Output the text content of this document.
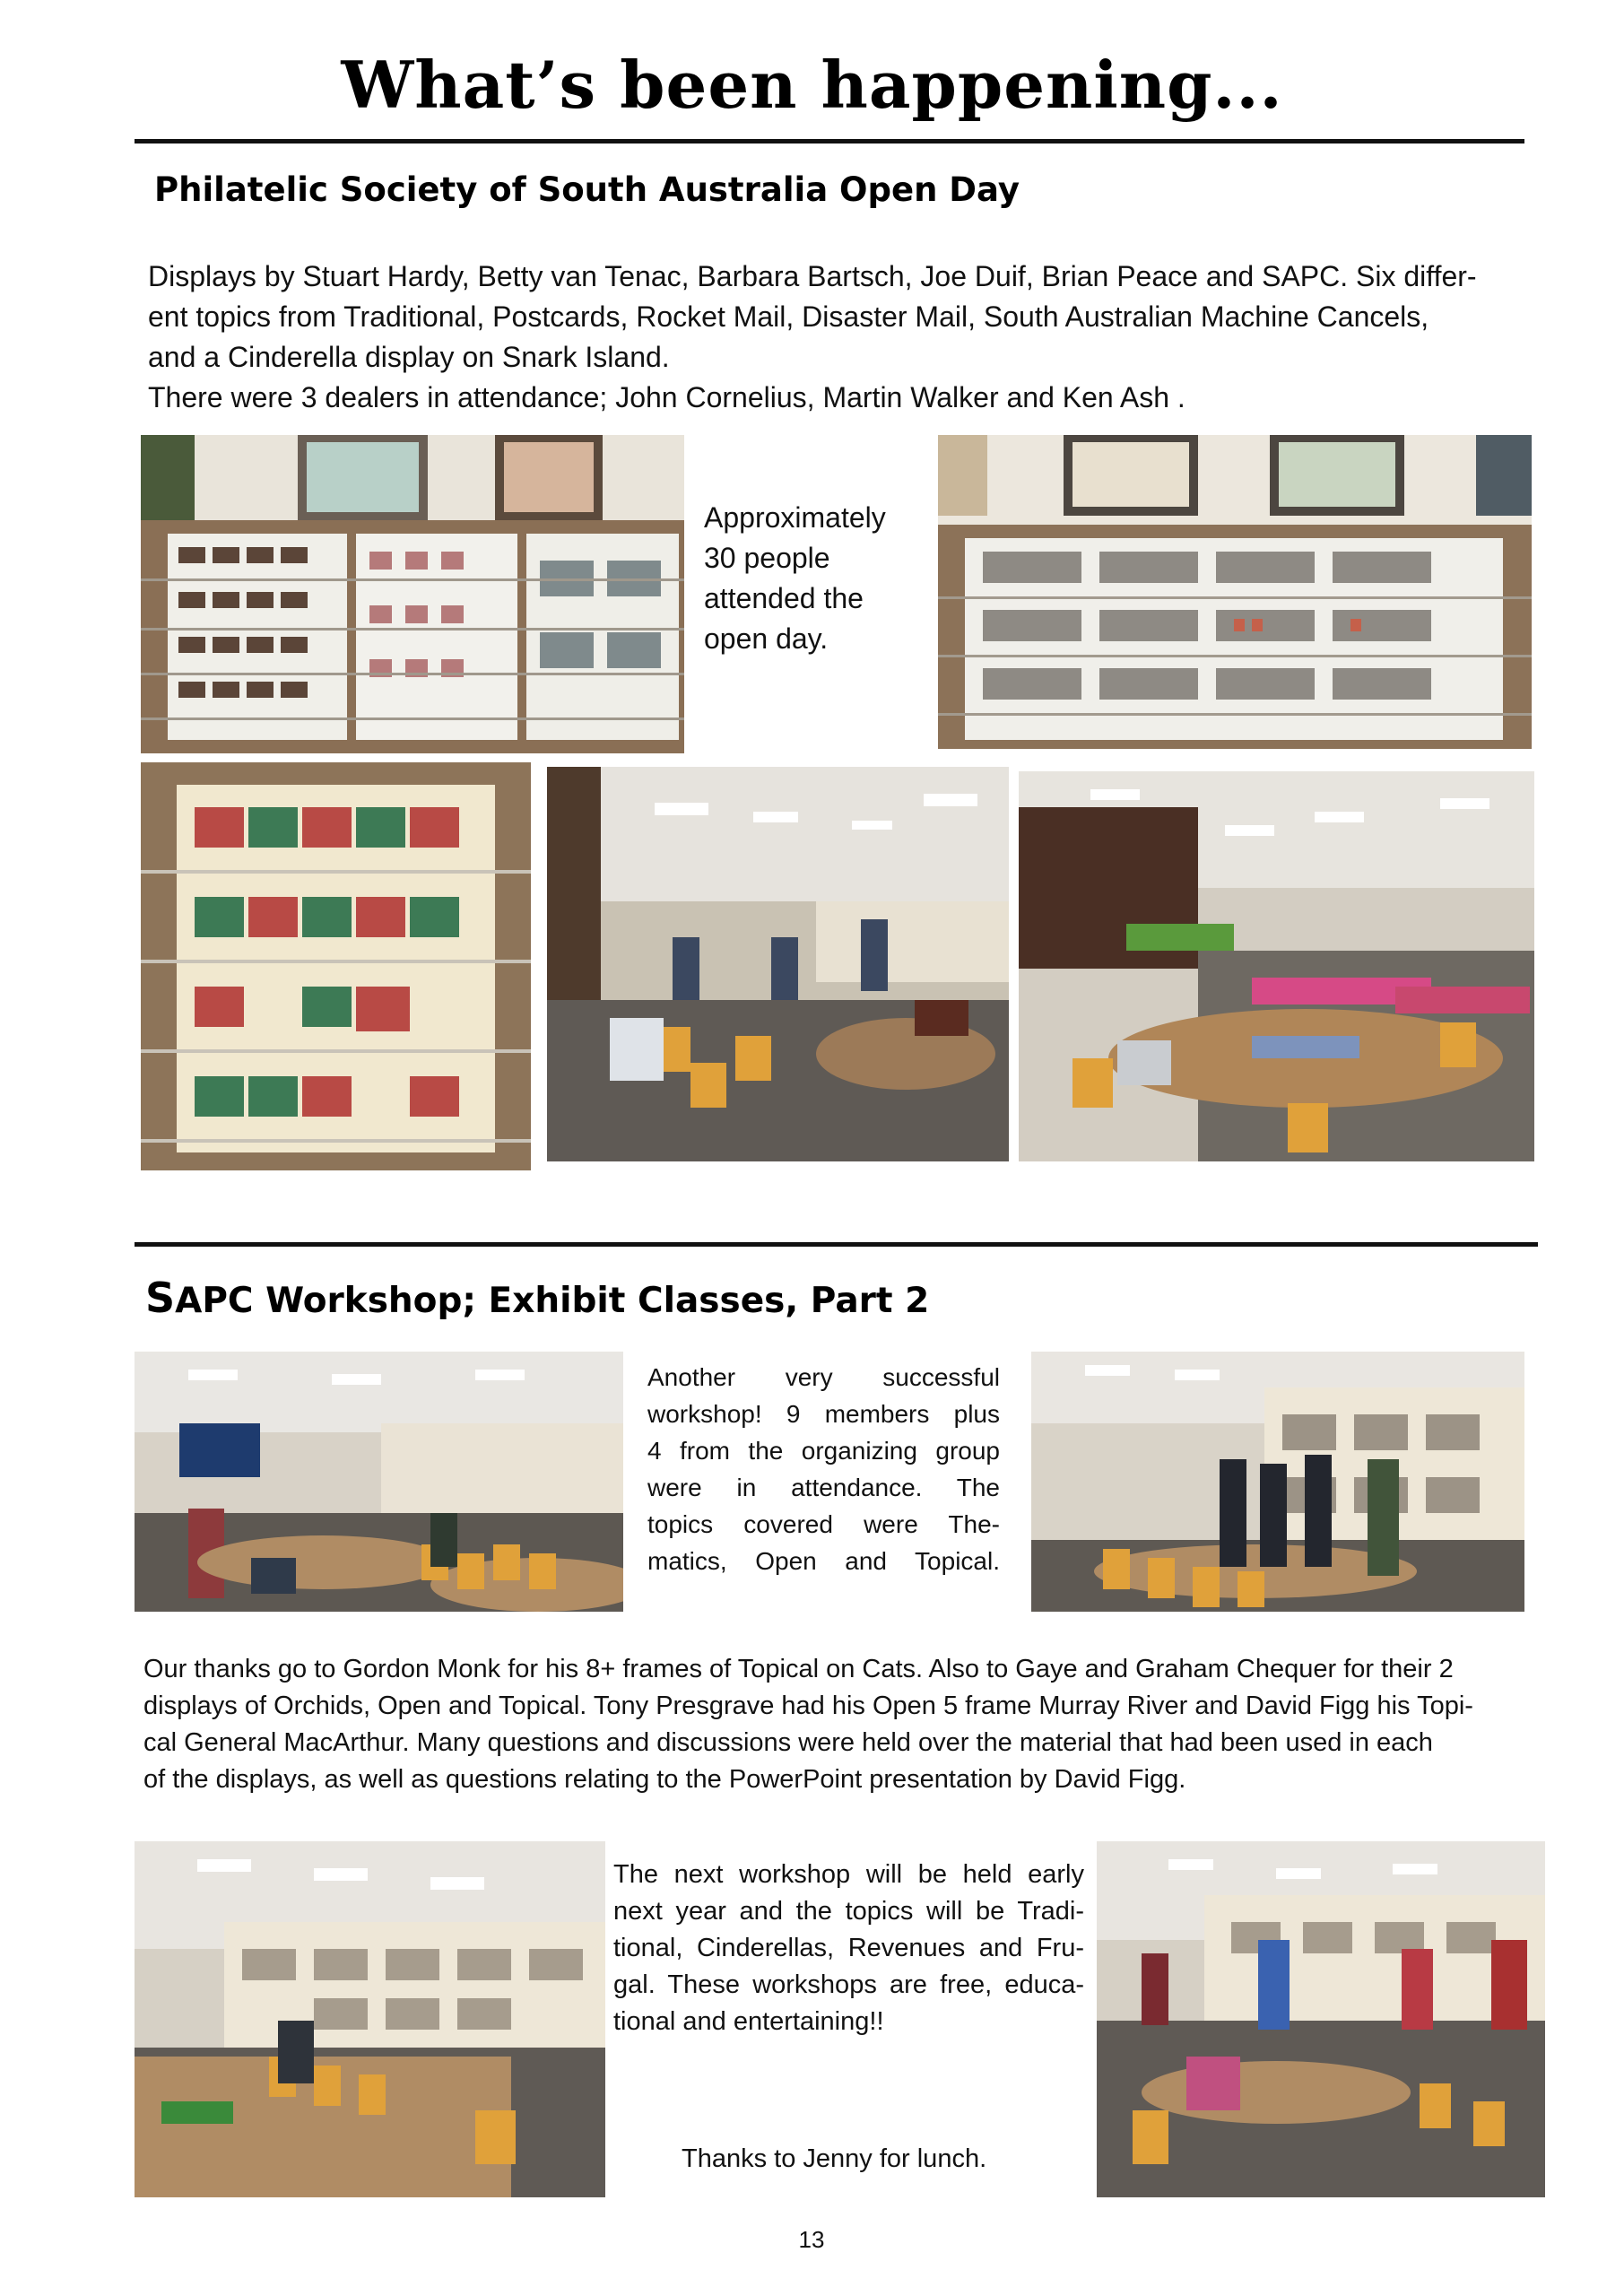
What’s been happening...
Philatelic Society of South Australia Open Day

Displays by Stuart Hardy, Betty van Tenac, Barbara Bartsch, Joe Duif, Brian Peace and SAPC. Six differ-

ent topics from Traditional, Postcards, Rocket Mail, Disaster Mail, South Australian Machine Cancels,

and a Cinderella display on Snark Island.

There were 3 dealers in attendance; John Cornelius, Martin Walker and Ken Ash .

Approximately

30 people

attended the

open day.

SAPC Workshop; Exhibit Classes, Part 2

Another very successful

workshop! 9 members plus

4 from the organizing group

were in attendance. The

topics covered were The-

matics, Open and Topical.

Our thanks go to Gordon Monk for his 8+ frames of Topical on Cats. Also to Gaye and Graham Chequer for their 2

displays of Orchids, Open and Topical. Tony Presgrave had his Open 5 frame Murray River and David Figg his Topi-

cal General MacArthur. Many questions and discussions were held over the material that had been used in each

of the displays, as well as questions relating to the PowerPoint presentation by David Figg.

The next workshop will be held early

next year and the topics will be Tradi-

tional, Cinderellas, Revenues and Fru-

gal. These workshops are free, educa-

tional and entertaining!!

Thanks to Jenny for lunch.
13
